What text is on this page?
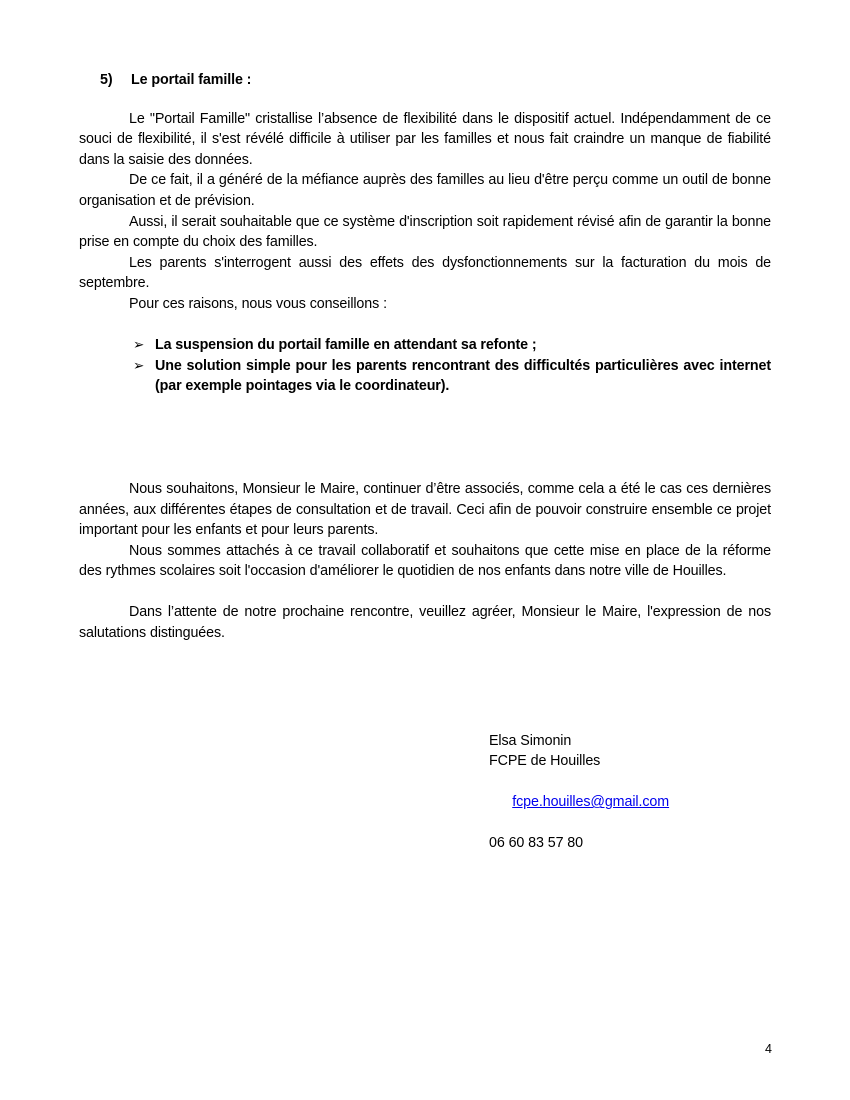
5)	Le portail famille :

Le "Portail Famille" cristallise l’absence de flexibilité dans le dispositif actuel. Indépendamment de ce souci de flexibilité, il s'est révélé difficile à utiliser par les familles et nous fait craindre un manque de fiabilité dans la saisie des données.

De ce fait, il a généré de la méfiance auprès des familles au lieu d'être perçu comme un outil de bonne organisation et de prévision.

Aussi, il serait souhaitable que ce système d'inscription soit rapidement révisé afin de garantir la bonne prise en compte du choix des familles.

Les parents s'interrogent aussi des effets des dysfonctionnements sur la facturation du mois de septembre.

Pour ces raisons, nous vous conseillons :

➢ La suspension du portail famille en attendant sa refonte ;
➢ Une solution simple pour les parents rencontrant des difficultés particulières avec internet (par exemple pointages via le coordinateur).

Nous souhaitons, Monsieur le Maire, continuer d’être associés, comme cela a été le cas ces dernières années, aux différentes étapes de consultation et de travail. Ceci afin de pouvoir construire ensemble ce projet important pour les enfants et pour leurs parents.

Nous sommes attachés à ce travail collaboratif et souhaitons que cette mise en place de la réforme des rythmes scolaires soit l'occasion d'améliorer le quotidien de nos enfants dans notre ville de Houilles.

Dans l’attente de notre prochaine rencontre, veuillez agréer, Monsieur le Maire, l'expression de nos salutations distinguées.

Elsa Simonin
FCPE de Houilles

fcpe.houilles@gmail.com

06 60 83 57 80
4
